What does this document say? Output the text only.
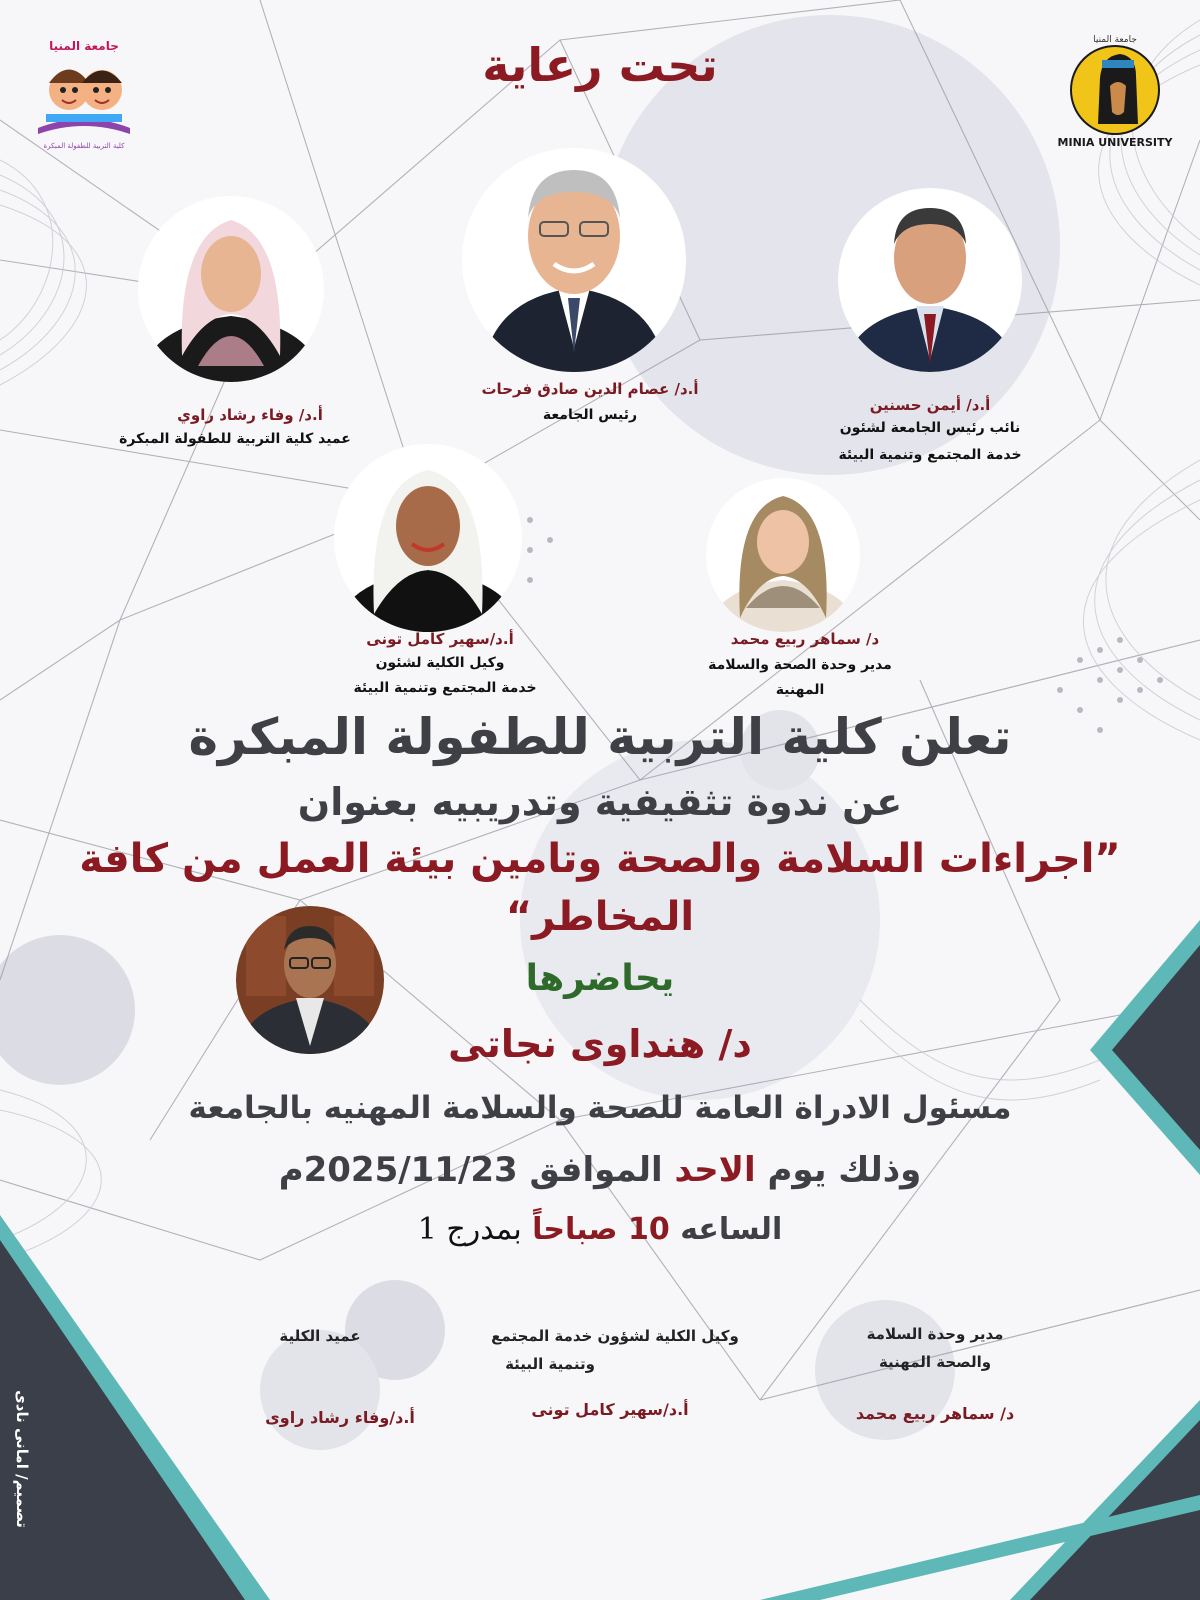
جامعة المنيا
كلية التربية للطفولة المبكرة
جامعة المنيا
MINIA UNIVERSITY
تحت رعاية
أ.د/ عصام الدين صادق فرحات
رئيس الجامعة
أ.د/ أيمن حسنين
نائب رئيس الجامعة لشئون
خدمة المجتمع وتنمية البيئة
أ.د/ وفاء رشاد راوي
عميد كلية التربية للطفولة المبكرة
أ.د/سهير كامل تونى
وكيل الكلية لشئون
خدمة المجتمع وتنمية البيئة
د/ سماهر ربيع محمد
مدير وحدة الصحة والسلامة
المهنية
تعلن كلية التربية للطفولة المبكرة
عن ندوة تثقيفية وتدريبيه بعنوان
”اجراءات السلامة والصحة وتامين بيئة العمل من كافة
المخاطر“
يحاضرها
د/ هنداوى نجاتى
مسئول الادراة العامة للصحة والسلامة المهنيه بالجامعة
وذلك يوم الاحد الموافق 2025/11/23م
الساعه 10 صباحاً بمدرج 1
عميد الكلية
أ.د/وفاء رشاد راوى
وكيل الكلية لشؤون خدمة المجتمع
وتنمية البيئة
أ.د/سهير كامل تونى
مدير وحدة السلامة
والصحة المهنية
د/ سماهر ربيع محمد
تصميم/ امانى نادى
